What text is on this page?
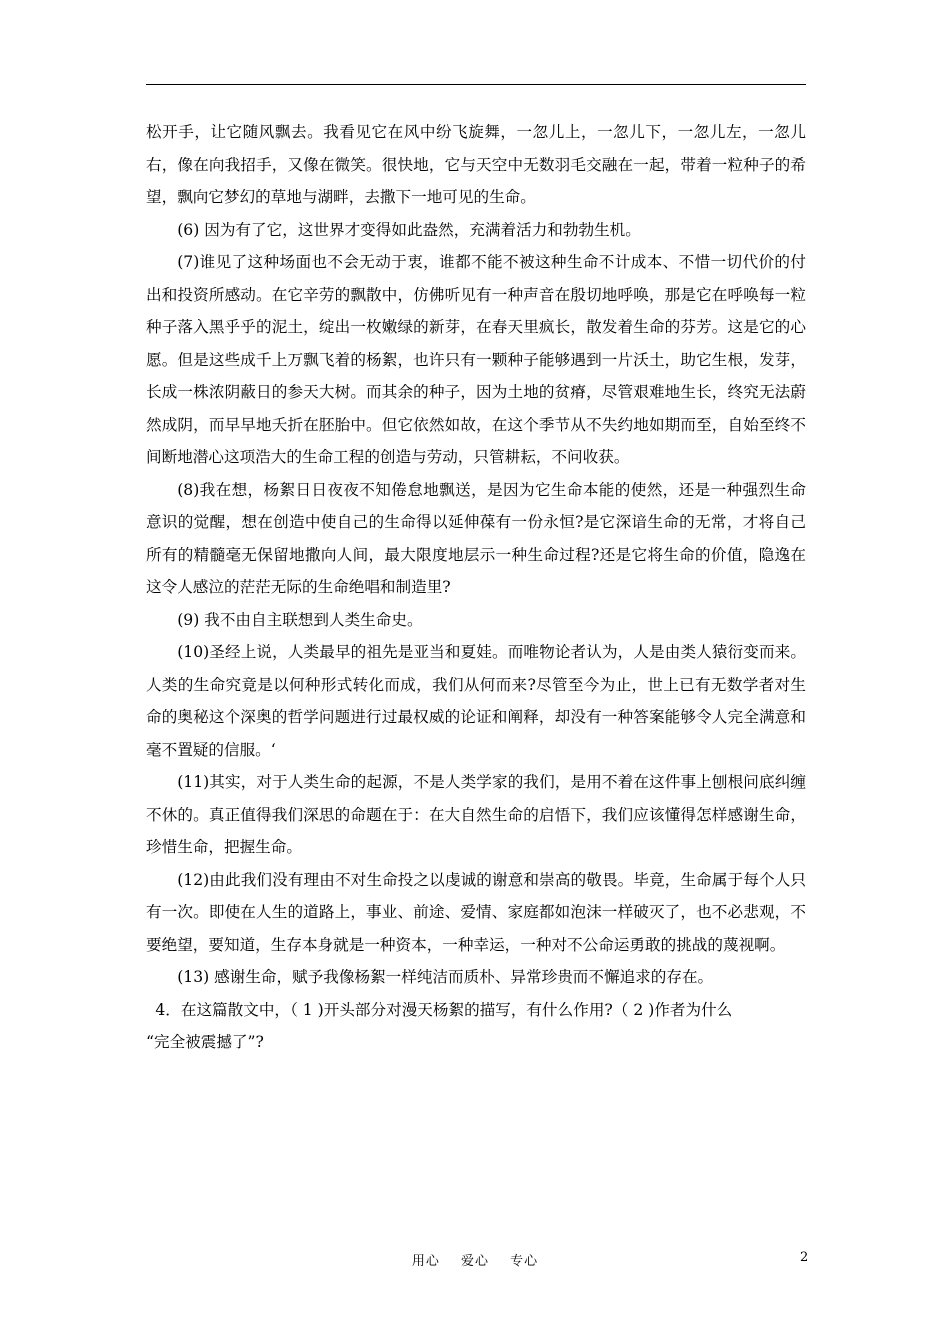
松开手，让它随风飘去。我看见它在风中纷飞旋舞，一忽儿上，一忽儿下，一忽儿左，一忽儿右，像在向我招手，又像在微笑。很快地，它与天空中无数羽毛交融在一起，带着一粒种子的希望，飘向它梦幻的草地与湖畔，去撒下一地可见的生命。

(6) 因为有了它，这世界才变得如此盎然，充满着活力和勃勃生机。

(7)谁见了这种场面也不会无动于衷，谁都不能不被这种生命不计成本、不惜一切代价的付出和投资所感动。在它辛劳的飘散中，仿佛听见有一种声音在殷切地呼唤，那是它在呼唤每一粒种子落入黑乎乎的泥土，绽出一枚嫩绿的新芽，在春天里疯长，散发着生命的芬芳。这是它的心愿。但是这些成千上万飘飞着的杨絮，也许只有一颗种子能够遇到一片沃土，助它生根，发芽，长成一株浓阴蔽日的参天大树。而其余的种子，因为土地的贫瘠，尽管艰难地生长，终究无法蔚然成阴，而早早地夭折在胚胎中。但它依然如故，在这个季节从不失约地如期而至，自始至终不间断地潜心这项浩大的生命工程的创造与劳动，只管耕耘，不问收获。

(8)我在想，杨絮日日夜夜不知倦怠地飘送，是因为它生命本能的使然，还是一种强烈生命意识的觉醒，想在创造中使自己的生命得以延伸葆有一份永恒?是它深谙生命的无常，才将自己所有的精髓毫无保留地撒向人间，最大限度地层示一种生命过程?还是它将生命的价值，隐逸在这令人感泣的茫茫无际的生命绝唱和制造里?

(9) 我不由自主联想到人类生命史。

(10)圣经上说，人类最早的祖先是亚当和夏娃。而唯物论者认为，人是由类人猿衍变而来。人类的生命究竟是以何种形式转化而成，我们从何而来?尽管至今为止，世上已有无数学者对生命的奥秘这个深奥的哲学问题进行过最权威的论证和阐释，却没有一种答案能够令人完全满意和毫不置疑的信服。‘

(11)其实，对于人类生命的起源，不是人类学家的我们，是用不着在这件事上刨根问底纠缠不休的。真正值得我们深思的命题在于：在大自然生命的启悟下，我们应该懂得怎样感谢生命，珍惜生命，把握生命。

(12)由此我们没有理由不对生命投之以虔诚的谢意和崇高的敬畏。毕竟，生命属于每个人只有一次。即使在人生的道路上，事业、前途、爱情、家庭都如泡沫一样破灭了，也不必悲观，不要绝望，要知道，生存本身就是一种资本，一种幸运，一种对不公命运勇敢的挑战的蔑视啊。

(13) 感谢生命，赋予我像杨絮一样纯洁而质朴、异常珍贵而不懈追求的存在。

4．在这篇散文中，（ 1 )开头部分对漫天杨絮的描写，有什么作用?（ 2 )作者为什么

“完全被震撼了”?

用心 爱心 专心	2
